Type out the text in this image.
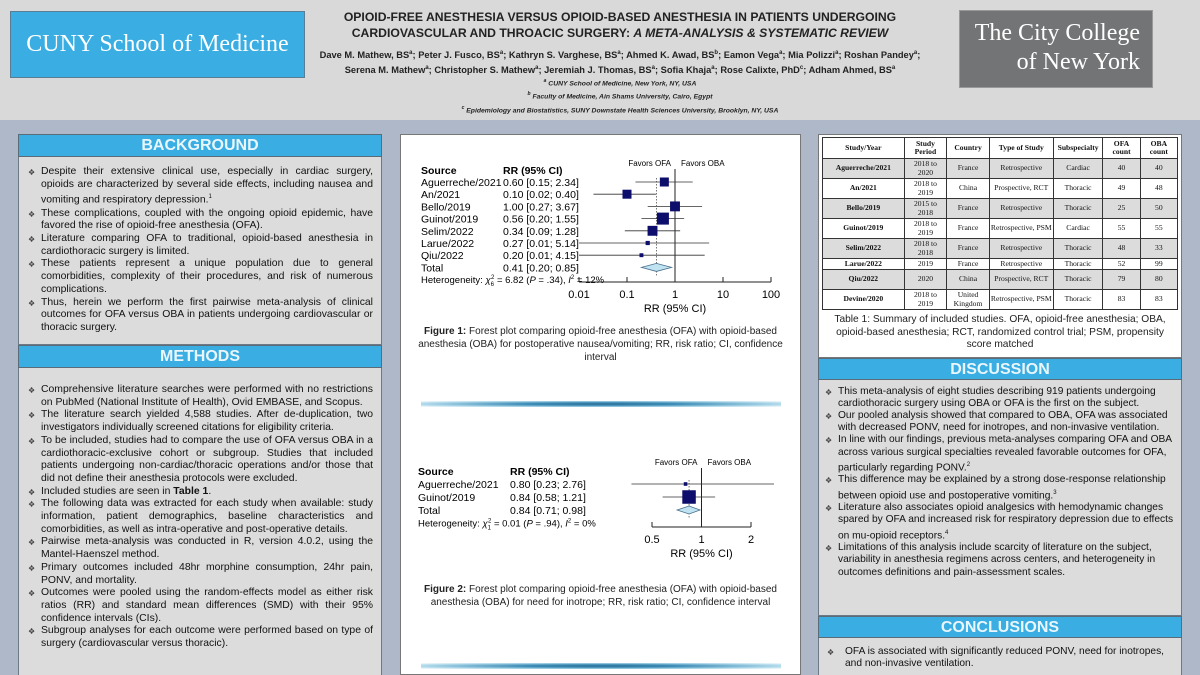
CUNY School of Medicine
OPIOID-FREE ANESTHESIA VERSUS OPIOID-BASED ANESTHESIA IN PATIENTS UNDERGOING
CARDIOVASCULAR AND THROACIC SURGERY: A META-ANALYSIS & SYSTEMATIC REVIEW
Dave M. Mathew, $BS^a$; Peter J. Fusco, $BS^a$; Kathryn S. Varghese, $BS^a$; Ahmed K. Awad, $BS^b$; Eamon Vega$^a$; Mia Polizzi$^a$; Roshan Pandey$^a$; Serena M. Mathew$^a$; Christopher S. Mathew$^a$; Jeremiah J. Thomas, $BS^a$; Sofia Khaja$^a$; Rose Calixte, PhD$^c$; Adham Ahmed, $BS^a$
$^a$ CUNY School of Medicine, New York, NY, USA
$^b$ Faculty of Medicine, Ain Shams University, Cairo, Egypt
$^c$ Epidemiology and Biostatistics, SUNY Downstate Health Sciences University, Brooklyn, NY, USA
The City College
of New York
BACKGROUND
❖ Despite their extensive clinical use, especially in cardiac surgery, opioids are characterized by several side effects, including nausea and vomiting and respiratory depression.$^1$
❖ These complications, coupled with the ongoing opioid epidemic, have favored the rise of opioid-free anesthesia (OFA).
❖ Literature comparing OFA to traditional, opioid-based anesthesia in cardiothoracic surgery is limited.
❖ These patients represent a unique population due to general comorbidities, complexity of their procedures, and risk of numerous complications.
❖ Thus, herein we perform the first pairwise meta-analysis of clinical outcomes for OFA versus OBA in patients undergoing cardiovascular or thoracic surgery.
METHODS
❖ Comprehensive literature searches were performed with no restrictions on PubMed (National Institute of Health), Ovid EMBASE, and Scopus.
❖ The literature search yielded 4,588 studies. After de-duplication, two investigators individually screened citations for eligibility criteria.
❖ To be included, studies had to compare the use of OFA versus OBA in a cardiothoracic-exclusive cohort or subgroup. Studies that included patients undergoing non-cardiac/thoracic operations and/or those that did not define their anesthesia protocols were excluded.
❖ Included studies are seen in Table 1.
❖ The following data was extracted for each study when available: study information, patient demographics, baseline characteristics and comorbidities, as well as intra-operative and post-operative details.
❖ Pairwise meta-analysis was conducted in R, version 4.0.2, using the Mantel-Haenszel method.
❖ Primary outcomes included 48hr morphine consumption, 24hr pain, PONV, and mortality.
❖ Outcomes were pooled using the random-effects model as either risk ratios (RR) and standard mean differences (SMD) with their 95% confidence intervals (CIs).
❖ Subgroup analyses for each outcome were performed based on type of surgery (cardiovascular versus thoracic).
Source	RR (95% CI)
Favors OFA Favors OBA
Aguerreche/2021 0.60 [0.15; 2.34]
An/2021	0.10 [0.02; 0.40]
Bello/2019	1.00 [0.27; 3.67]
Guinot/2019 0.56 [0.20; 1.55]
Selim/2022	0.34 [0.09; 1.28]
Larue/2022	0.27 [0.01; 5.14]
Qiu/2022	0.20 [0.01; 4.15]
Total	0.41 [0.20; 0.85]
Heterogeneity: $\chi_62 = 6.82$ (P = .34), $I^2 = 12\%$
0.01	0.1	1	10	100
RR (95% CI)
Figure 1: Forest plot comparing opioid-free anesthesia (OFA) with opioid-based anesthesia (OBA) for postoperative nausea/vomiting; RR, risk ratio; CI, confidence interval
Source	RR (95% CI)
Favors OFA Favors OBA
Aguerreche/2021 0.80 [0.23; 2.76]
Guinot/2019	0.84 [0.58; 1.21]
Total	0.84 [0.71; 0.98]
Heterogeneity: $\chi_12 = 0.01$ (P = .94), $I^2 = 0\%$
0.5	1	2
RR (95% CI)
Figure 2: Forest plot comparing opioid-free anesthesia (OFA) with opioid-based anesthesia (OBA) for need for inotrope; RR, risk ratio; CI, confidence interval
Study/Year	Study Period	Country	Type of Study	Subspecialty	OFA count	OBA count
Aguerreche/2021	2018 to 2020	France	Retrospective	Cardiac	40	40
An/2021	2018 to 2019	China	Prospective, RCT	Thoracic	49	48
Bello/2019	2015 to 2018	France	Retrospective	Thoracic	25	50
Guinot/2019	2018 to 2019	France	Retrospective, PSM	Cardiac	55	55
Selim/2022	2018 to 2018	France	Retrospective	Thoracic	48	33
Larue/2022	2019	France	Retrospective	Thoracic	52	99
Qiu/2022	2020	China	Prospective, RCT	Thoracic	79	80
Devine/2020	2018 to 2019	United Kingdom	Retrospective, PSM	Thoracic	83	83
Table 1: Summary of included studies. OFA, opioid-free anesthesia; OBA, opioid-based anesthesia; RCT, randomized control trial; PSM, propensity score matched
DISCUSSION
❖ This meta-analysis of eight studies describing 919 patients undergoing cardiothoracic surgery using OBA or OFA is the first on the subject.
❖ Our pooled analysis showed that compared to OBA, OFA was associated with decreased PONV, need for inotropes, and non-invasive ventilation.
❖ In line with our findings, previous meta-analyses comparing OFA and OBA across various surgical specialties revealed favorable outcomes for OFA, particularly regarding PONV.$^2$
❖ This difference may be explained by a strong dose-response relationship between opioid use and postoperative vomiting.$^3$
❖ Literature also associates opioid analgesics with hemodynamic changes spared by OFA and increased risk for respiratory depression due to effects on mu-opioid receptors.$^4$
❖ Limitations of this analysis include scarcity of literature on the subject, variability in anesthesia regimens across centers, and heterogeneity in outcomes definitions and pain-assessment scales.
CONCLUSIONS
❖ OFA is associated with significantly reduced PONV, need for inotropes, and non-invasive ventilation.
